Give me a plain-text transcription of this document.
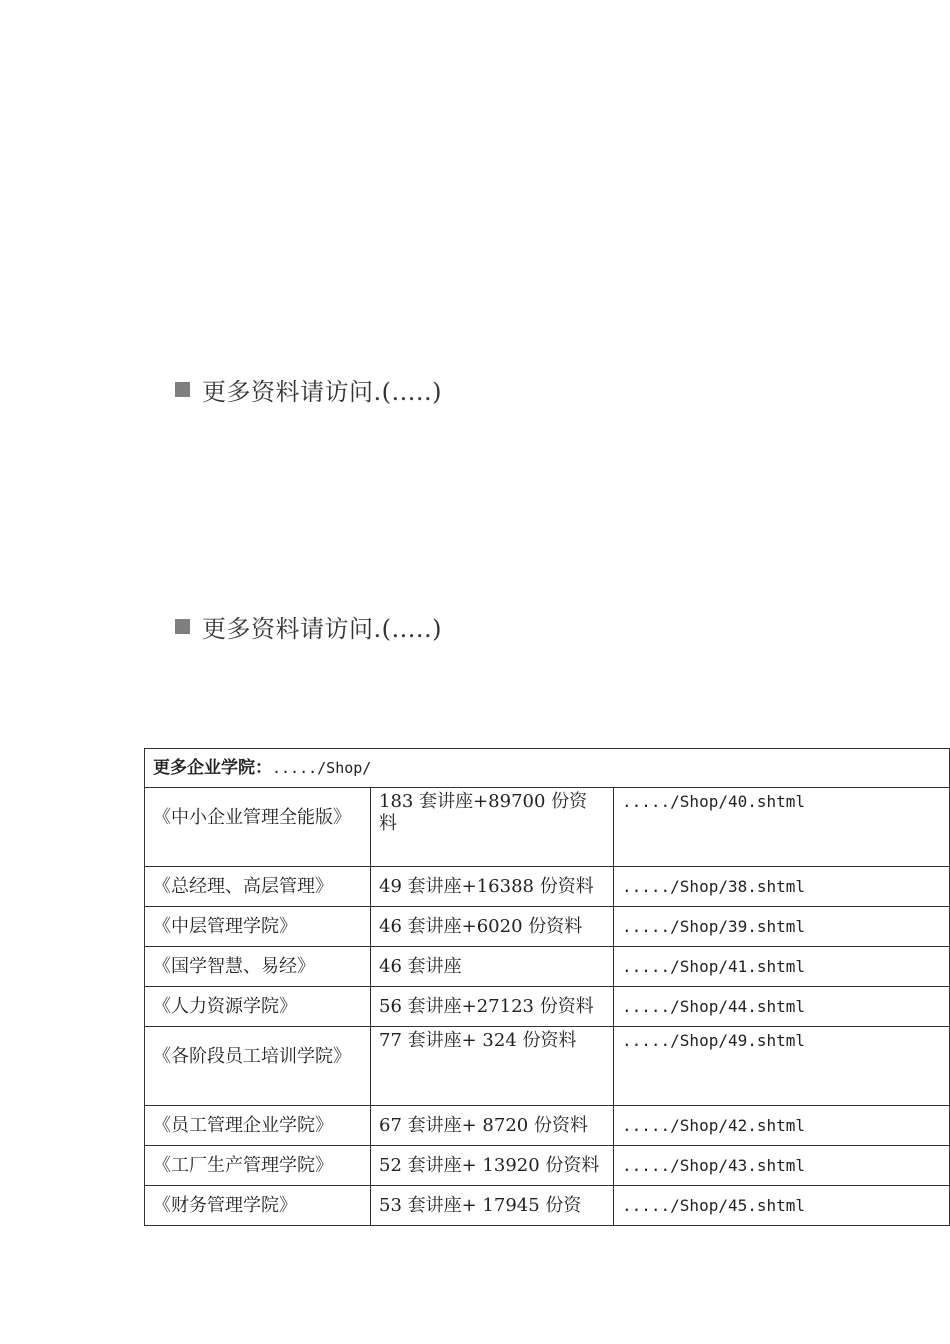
更多资料请访问.(.....)
更多资料请访问.(.....)
更多企业学院：...../Shop/		
《中小企业管理全能版》	183 套讲座+89700 份资料	...../Shop/40.shtml
《总经理、高层管理》	49 套讲座+16388 份资料	...../Shop/38.shtml
《中层管理学院》	46 套讲座+6020 份资料	...../Shop/39.shtml
《国学智慧、易经》	46 套讲座	...../Shop/41.shtml
《人力资源学院》	56 套讲座+27123 份资料	...../Shop/44.shtml
《各阶段员工培训学院》	77 套讲座+ 324 份资料	...../Shop/49.shtml
《员工管理企业学院》	67 套讲座+ 8720 份资料	...../Shop/42.shtml
《工厂生产管理学院》	52 套讲座+ 13920 份资料	...../Shop/43.shtml
《财务管理学院》	53 套讲座+ 17945 份资	...../Shop/45.shtml
